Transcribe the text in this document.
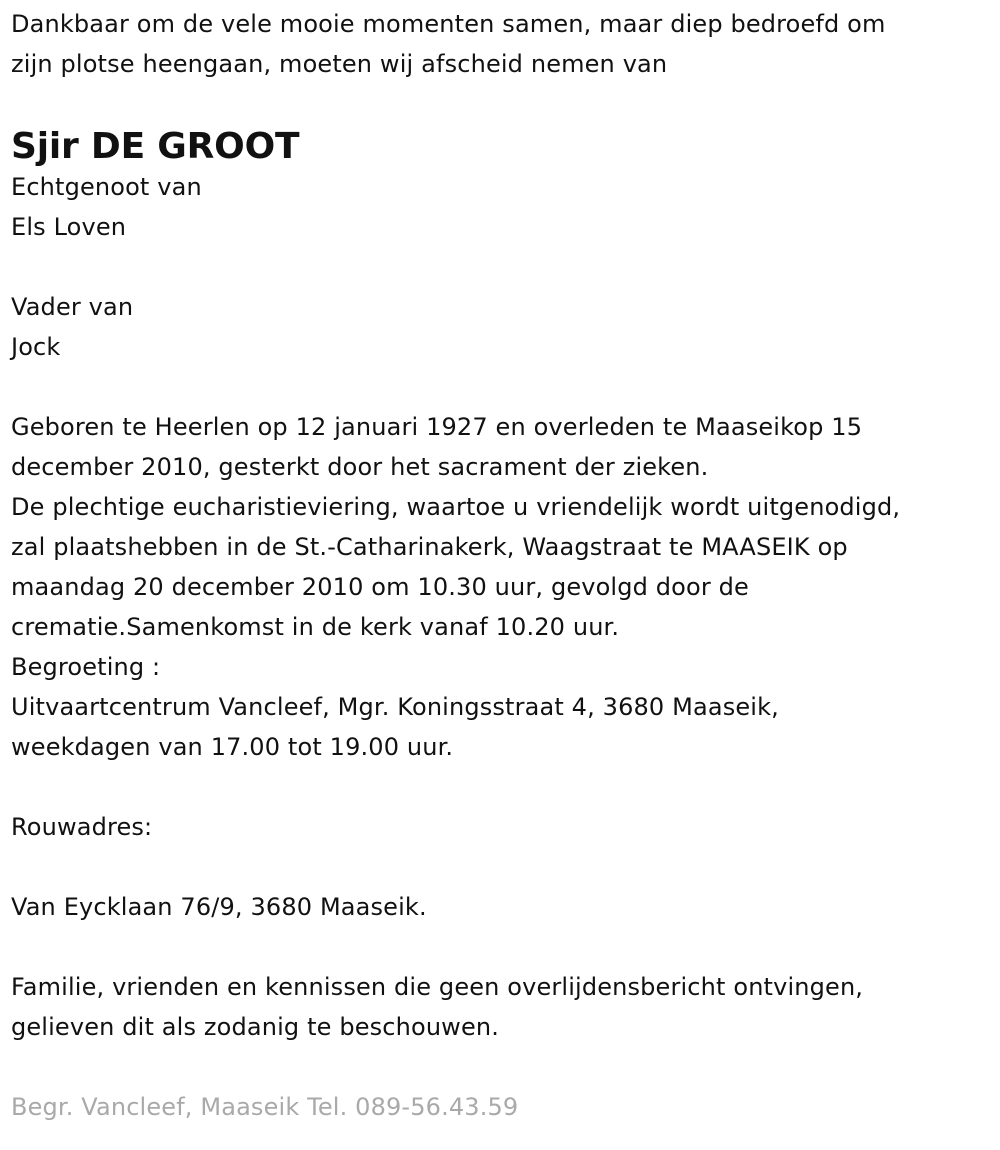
Dankbaar om de vele mooie momenten samen, maar diep bedroefd om
zijn plotse heengaan, moeten wij afscheid nemen van
Sjir DE GROOT
Echtgenoot van
Els Loven
Vader van
Jock
Geboren te Heerlen op 12 januari 1927 en overleden te Maaseikop 15
december 2010, gesterkt door het sacrament der zieken.
De plechtige eucharistieviering, waartoe u vriendelijk wordt uitgenodigd,
zal plaatshebben in de St.-Catharinakerk, Waagstraat te MAASEIK op
maandag 20 december 2010 om 10.30 uur, gevolgd door de
crematie.Samenkomst in de kerk vanaf 10.20 uur.
Begroeting :
Uitvaartcentrum Vancleef, Mgr. Koningsstraat 4, 3680 Maaseik,
weekdagen van 17.00 tot 19.00 uur.
Rouwadres:
Van Eycklaan 76/9, 3680 Maaseik.
Familie, vrienden en kennissen die geen overlijdensbericht ontvingen,
gelieven dit als zodanig te beschouwen.
Begr. Vancleef, Maaseik Tel. 089-56.43.59
